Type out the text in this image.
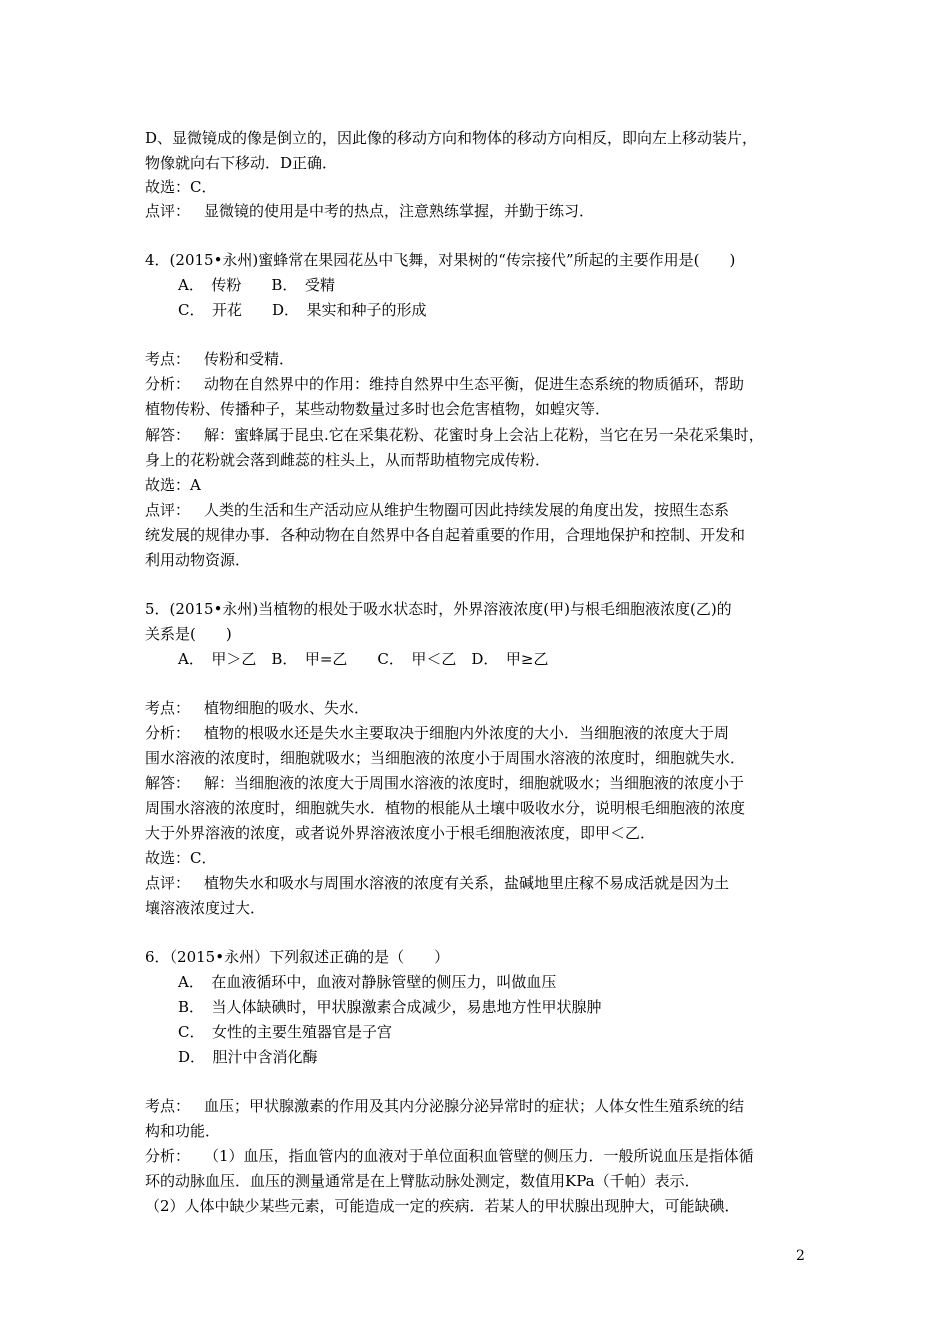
D、显微镜成的像是倒立的，因此像的移动方向和物体的移动方向相反，即向左上移动装片，
物像就向右下移动．D正确．
故选：C．
点评： 显微镜的使用是中考的热点，注意熟练掌握，并勤于练习．
4．(2015•永州)蜜蜂常在果园花丛中飞舞，对果树的“传宗接代”所起的主要作用是(　　)
A．　传粉　　B．　受精
C．　开花　　D．　果实和种子的形成
考点： 传粉和受精．
分析： 动物在自然界中的作用：维持自然界中生态平衡，促进生态系统的物质循环，帮助
植物传粉、传播种子，某些动物数量过多时也会危害植物，如蝗灾等．
解答： 解：蜜蜂属于昆虫.它在采集花粉、花蜜时身上会沾上花粉，当它在另一朵花采集时，
身上的花粉就会落到雌蕊的柱头上，从而帮助植物完成传粉．
故选：A
点评： 人类的生活和生产活动应从维护生物圈可因此持续发展的角度出发，按照生态系
统发展的规律办事．各种动物在自然界中各自起着重要的作用，合理地保护和控制、开发和
利用动物资源．
5．(2015•永州)当植物的根处于吸水状态时，外界溶液浓度(甲)与根毛细胞液浓度(乙)的
关系是(　　)
A．　甲＞乙　B．　甲=乙　　C．　甲＜乙　D．　甲≥乙
考点： 植物细胞的吸水、失水．
分析： 植物的根吸水还是失水主要取决于细胞内外浓度的大小．当细胞液的浓度大于周
围水溶液的浓度时，细胞就吸水；当细胞液的浓度小于周围水溶液的浓度时，细胞就失水．
解答： 解：当细胞液的浓度大于周围水溶液的浓度时，细胞就吸水；当细胞液的浓度小于
周围水溶液的浓度时，细胞就失水．植物的根能从土壤中吸收水分，说明根毛细胞液的浓度
大于外界溶液的浓度，或者说外界溶液浓度小于根毛细胞液浓度，即甲＜乙．
故选：C．
点评： 植物失水和吸水与周围水溶液的浓度有关系，盐碱地里庄稼不易成活就是因为土
壤溶液浓度过大．
6．（2015•永州）下列叙述正确的是（　　）
A．　在血液循环中，血液对静脉管壁的侧压力，叫做血压
B．　当人体缺碘时，甲状腺激素合成减少，易患地方性甲状腺肿
C．　女性的主要生殖器官是子宫
D．　胆汁中含消化酶
考点： 血压；甲状腺激素的作用及其内分泌腺分泌异常时的症状；人体女性生殖系统的结
构和功能．
分析： （1）血压，指血管内的血液对于单位面积血管壁的侧压力．一般所说血压是指体循
环的动脉血压．血压的测量通常是在上臂肱动脉处测定，数值用KPa（千帕）表示．
（2）人体中缺少某些元素，可能造成一定的疾病．若某人的甲状腺出现肿大，可能缺碘．
2
